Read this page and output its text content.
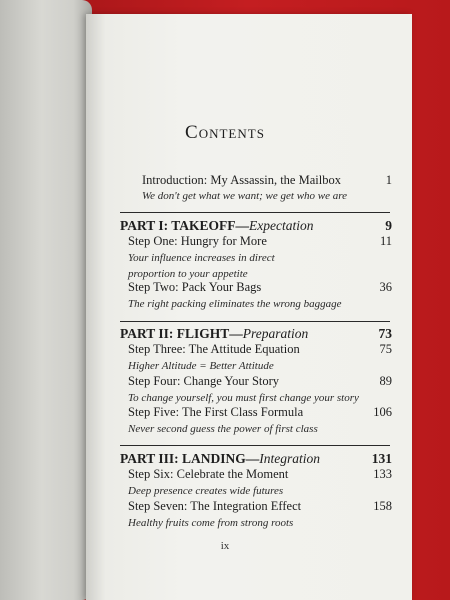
Contents
Introduction: My Assassin, the Mailbox	1
We don't get what we want; we get who we are
PART I: TAKEOFF—Expectation	9
Step One: Hungry for More	11
Your influence increases in direct
proportion to your appetite
Step Two: Pack Your Bags	36
The right packing eliminates the wrong baggage
PART II: FLIGHT—Preparation	73
Step Three: The Attitude Equation	75
Higher Altitude = Better Attitude
Step Four: Change Your Story	89
To change yourself, you must first change your story
Step Five: The First Class Formula	106
Never second guess the power of first class
PART III: LANDING—Integration	131
Step Six: Celebrate the Moment	133
Deep presence creates wide futures
Step Seven: The Integration Effect	158
Healthy fruits come from strong roots
ix
